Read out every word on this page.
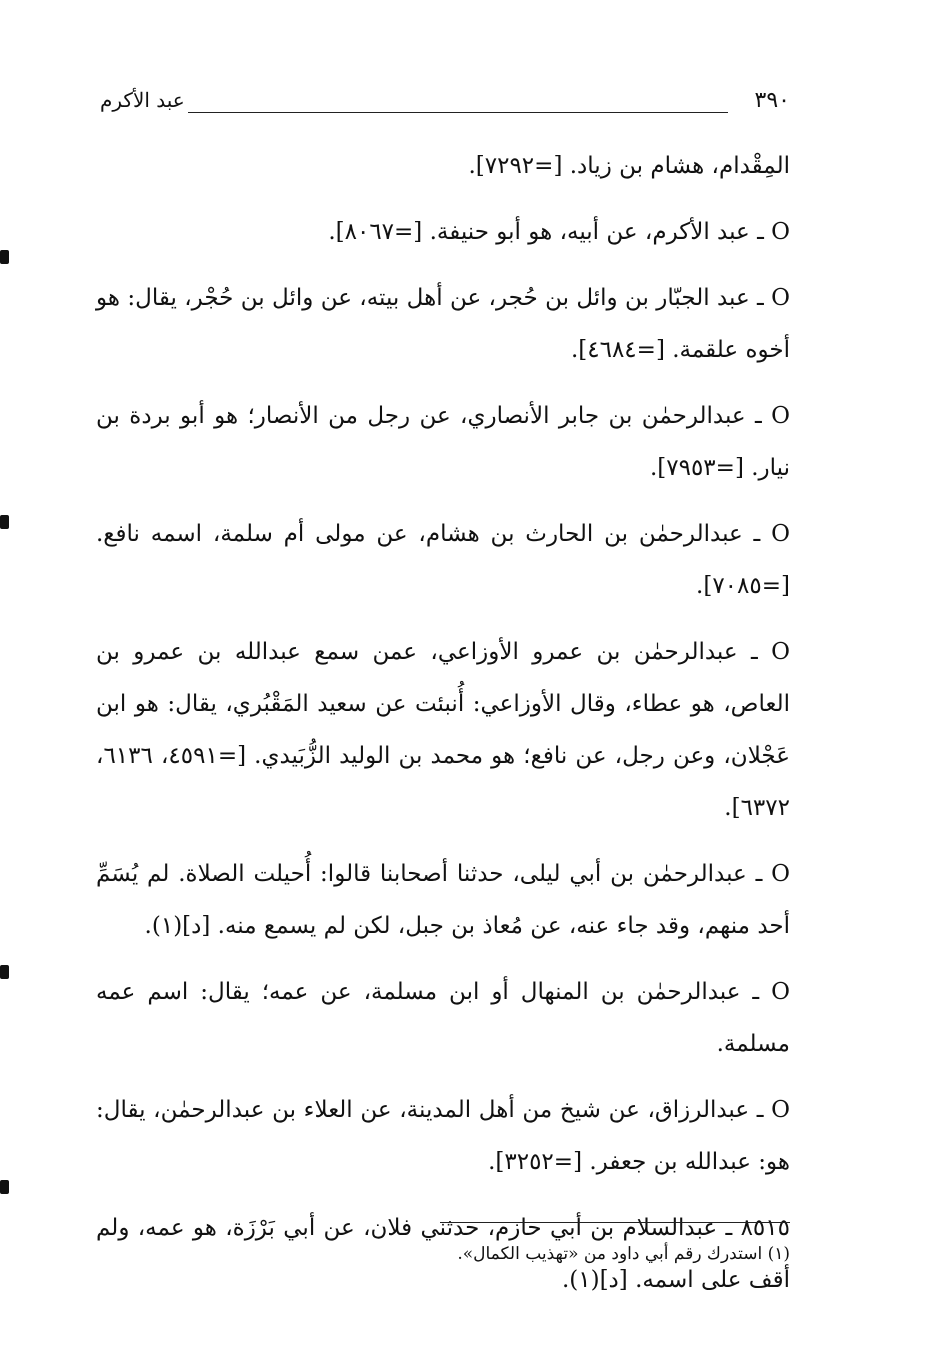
٣٩٠
عبد الأكرم

المِقْدام، هشام بن زياد. [=٧٢٩٢].

O ـ عبد الأكرم، عن أبيه، هو أبو حنيفة. [=٨٠٦٧].

O ـ عبد الجبّار بن وائل بن حُجر، عن أهل بيته، عن وائل بن حُجْر، يقال: هو أخوه علقمة. [=٤٦٨٤].

O ـ عبدالرحمٰن بن جابر الأنصاري، عن رجل من الأنصار؛ هو أبو بردة بن نيار. [=٧٩٥٣].

O ـ عبدالرحمٰن بن الحارث بن هشام، عن مولى أم سلمة، اسمه نافع. [=٧٠٨٥].

O ـ عبدالرحمٰن بن عمرو الأوزاعي، عمن سمع عبدالله بن عمرو بن العاص، هو عطاء، وقال الأوزاعي: أُنبئت عن سعيد المَقْبُري، يقال: هو ابن عَجْلان، وعن رجل، عن نافع؛ هو محمد بن الوليد الزُّبَيدي. [=٤٥٩١، ٦١٣٦، ٦٣٧٢].

O ـ عبدالرحمٰن بن أبي ليلى، حدثنا أصحابنا قالوا: أُحيلت الصلاة. لم يُسَمِّ أحد منهم، وقد جاء عنه، عن مُعاذ بن جبل، لكن لم يسمع منه. [د](١).

O ـ عبدالرحمٰن بن المنهال أو ابن مسلمة، عن عمه؛ يقال: اسم عمه مسلمة.

O ـ عبدالرزاق، عن شيخ من أهل المدينة، عن العلاء بن عبدالرحمٰن، يقال: هو: عبدالله بن جعفر. [=٣٢٥٢].

٨٥١٥ ـ عبدالسلام بن أبي حازم، حدثني فلان، عن أبي بَرْزَة، هو عمه، ولم أقف على اسمه. [د](١).

(١) استدرك رقم أبي داود من «تهذيب الكمال».
